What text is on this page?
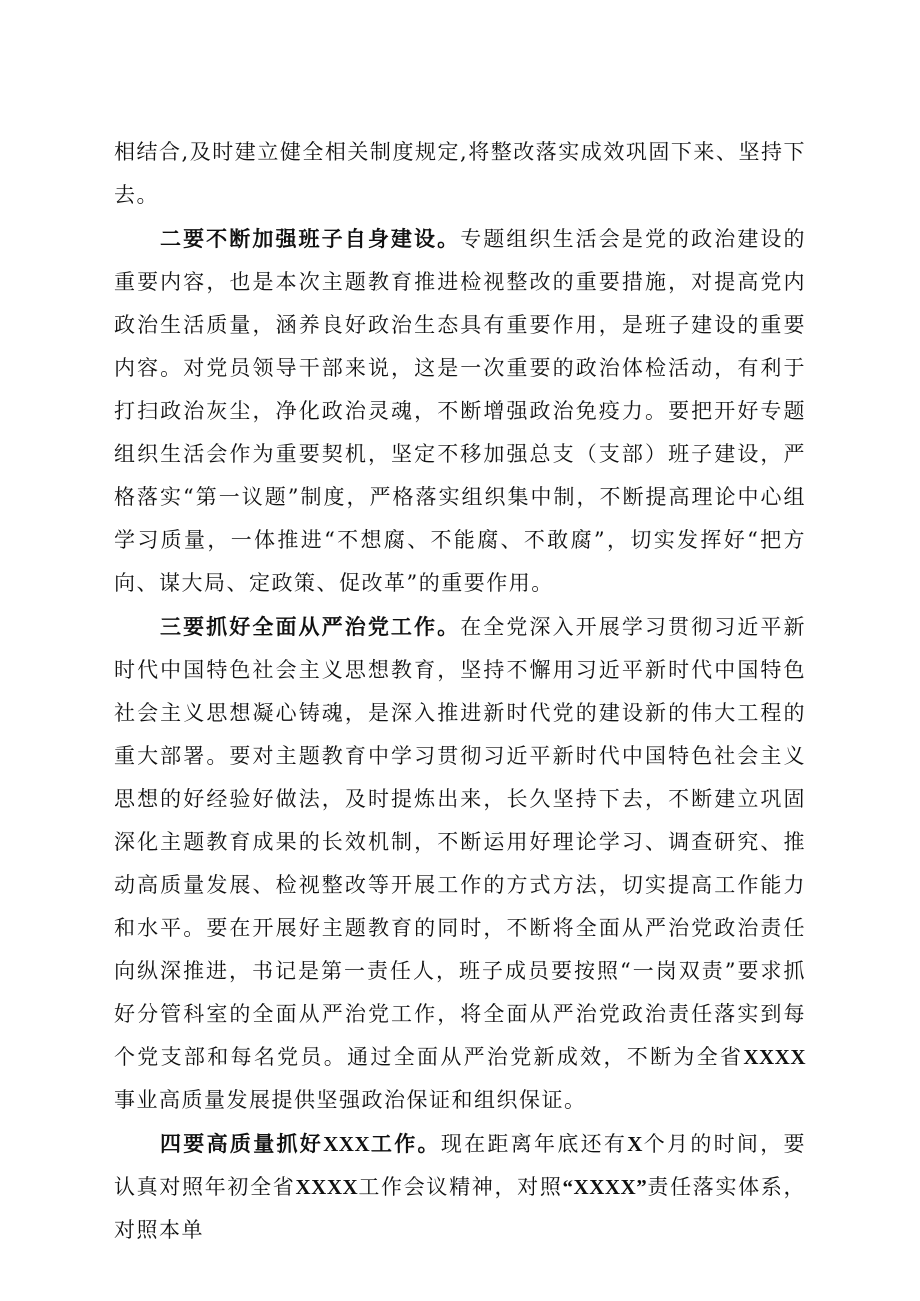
相结合,及时建立健全相关制度规定,将整改落实成效巩固下来、坚持下去。

二要不断加强班子自身建设。专题组织生活会是党的政治建设的重要内容，也是本次主题教育推进检视整改的重要措施，对提高党内政治生活质量，涵养良好政治生态具有重要作用，是班子建设的重要内容。对党员领导干部来说，这是一次重要的政治体检活动，有利于打扫政治灰尘，净化政治灵魂，不断增强政治免疫力。要把开好专题组织生活会作为重要契机，坚定不移加强总支（支部）班子建设，严格落实“第一议题”制度，严格落实组织集中制，不断提高理论中心组学习质量，一体推进“不想腐、不能腐、不敢腐”，切实发挥好“把方向、谋大局、定政策、促改革”的重要作用。

三要抓好全面从严治党工作。在全党深入开展学习贯彻习近平新时代中国特色社会主义思想教育，坚持不懈用习近平新时代中国特色社会主义思想凝心铸魂，是深入推进新时代党的建设新的伟大工程的重大部署。要对主题教育中学习贯彻习近平新时代中国特色社会主义思想的好经验好做法，及时提炼出来，长久坚持下去，不断建立巩固深化主题教育成果的长效机制，不断运用好理论学习、调查研究、推动高质量发展、检视整改等开展工作的方式方法，切实提高工作能力和水平。要在开展好主题教育的同时，不断将全面从严治党政治责任向纵深推进，书记是第一责任人，班子成员要按照“一岗双责”要求抓好分管科室的全面从严治党工作，将全面从严治党政治责任落实到每个党支部和每名党员。通过全面从严治党新成效，不断为全省XXXX事业高质量发展提供坚强政治保证和组织保证。

四要高质量抓好XXX工作。现在距离年底还有X个月的时间，要认真对照年初全省XXXX工作会议精神，对照“XXXX”责任落实体系，对照本单
